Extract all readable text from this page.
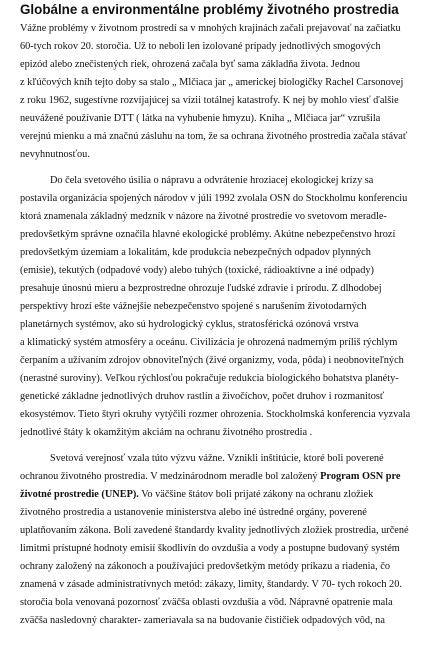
Globálne a environmentálne problémy životného prostredia
Vážne problémy v životnom prostredí sa v mnohých krajinách začali prejavovať na začiatku
60-tych rokov 20. storočia. Už to neboli len izolované prípady jednotlivých smogových
epizód alebo znečistených riek, ohrozená začala byť sama základňa života. Jednou
z kľúčových kníh tejto doby sa stalo „ Mlčiaca jar „ americkej biologičky Rachel Carsonovej
z roku 1962, sugestívne rozvíjajúcej sa vízii totálnej katastrofy. K nej by mohlo viesť ďalšie
neuvážené používanie DTT ( látka na vyhubenie hmyzu). Kniha „ Mlčiaca jar“ vzrušila
verejnú mienku a má značnú zásluhu na tom, že sa ochrana životného prostredia začala stávať
nevyhnutnosťou.
Do čela svetového úsilia o nápravu a odvrátenie hroziacej ekologickej krízy sa
postavila organizácia spojených národov v júli 1992 zvolala OSN do Stockholmu konferenciu
ktorá znamenala základný medzník v názore na životné prostredie vo svetovom meradle-
predovšetkým správne označila hlavné ekologické problémy. Akútne nebezpečenstvo hrozí
predovšetkým územiam a lokalitám, kde produkcia nebezpečných odpadov plynných
(emisie), tekutých (odpadové vody) alebo tuhých (toxické, rádioaktívne a iné odpady)
presahuje únosnú mieru a bezprostredne ohrozuje ľudské zdravie i prírodu. Z dlhodobej
perspektívy hrozí ešte vážnejšie nebezpečenstvo spojené s narušením životodarných
planetárnych systémov, ako sú hydrologický cyklus, stratosférická ozónová vrstva
a klimatický systém atmosféry a oceánu. Civilizácia je ohrozená nadmerným príliš rýchlym
čerpaním a užívaním zdrojov obnoviteľných (živé organizmy, voda, pôda) i neobnoviteľných
(nerastné suroviny). Veľkou rýchlosťou pokračuje redukcia biologického bohatstva planéty-
genetické základne jednotlivých druhov rastlín a živočíchov, počet druhov i rozmanitosť
ekosystémov. Tieto štyri okruhy vytýčili rozmer ohrozenia. Stockholmská konferencia vyzvala
jednotlivé štáty k okamžitým akciám na ochranu životného prostredia .
Svetová verejnosť vzala túto výzvu vážne. Vznikli inštitúcie, ktoré boli poverené
ochranou životného prostredia. V medzinárodnom meradle bol založený Program OSN pre
životné prostredie (UNEP). Vo väčšine štátov boli prijaté zákony na ochranu zložiek
životného prostredia a ustanovenie ministerstva alebo iné ústredné orgány, poverené
uplatňovaním zákona. Boli zavedené štandardy kvality jednotlivých zložiek prostredia, určené
limitmi prístupné hodnoty emisií škodlivín do ovzdušia a vody a postupne budovaný systém
ochrany založený na zákonoch a používajúci predovšetkým metódy príkazu a riadenia, čo
znamená v zásade administratívnych metód: zákazy, limity, štandardy. V 70- tych rokoch 20.
storočia bola venovaná pozornosť zväčša oblasti ovzdušia a vôd. Nápravné opatrenie mala
zväčša nasledovný charakter- zameriavala sa na budovanie čističiek odpadových vôd, na
